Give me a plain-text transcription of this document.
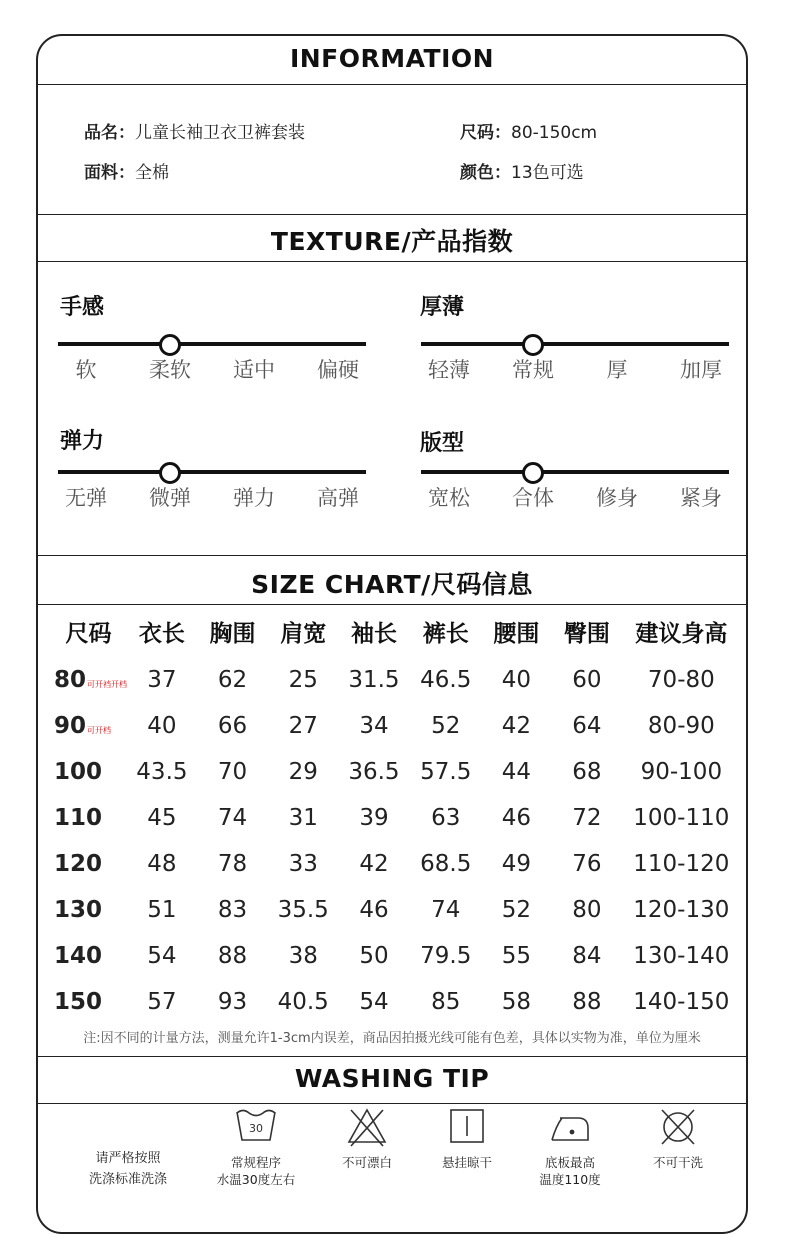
INFORMATION
品名：儿童长袖卫衣卫裤套装	尺码：80-150cm
面料：全棉	颜色：13色可选
TEXTURE/产品指数
手感
软	柔软 适中 偏硬
厚薄
轻薄 常规	厚	加厚
弹力
无弹 微弹 弹力 高弹
版型
宽松 合体 修身 紧身
SIZE CHART/尺码信息
尺码	衣长	胸围	肩宽	袖长	裤长	腰围	臀围	建议身高
80可开裆开档	37	62	25	31.5	46.5	40	60	70-80
90可开档	40	66	27	34	52	42	64	80-90
100	43.5	70	29	36.5	57.5	44	68	90-100
110	45	74	31	39	63	46	72	100-110
120	48	78	33	42	68.5	49	76	110-120
130	51	83	35.5	46	74	52	80	120-130
140	54	88	38	50	79.5	55	84	130-140
150	57	93	40.5	54	85	58	88	140-150
注:因不同的计量方法，测量允许1-3cm内误差，商品因拍摄光线可能有色差，具体以实物为准，单位为厘米
WASHING TIP
请严格按照
洗涤标准洗涤
30
常规程序
水温30度左右
不可漂白	悬挂晾干	底板最高
温度110度
不可干洗
